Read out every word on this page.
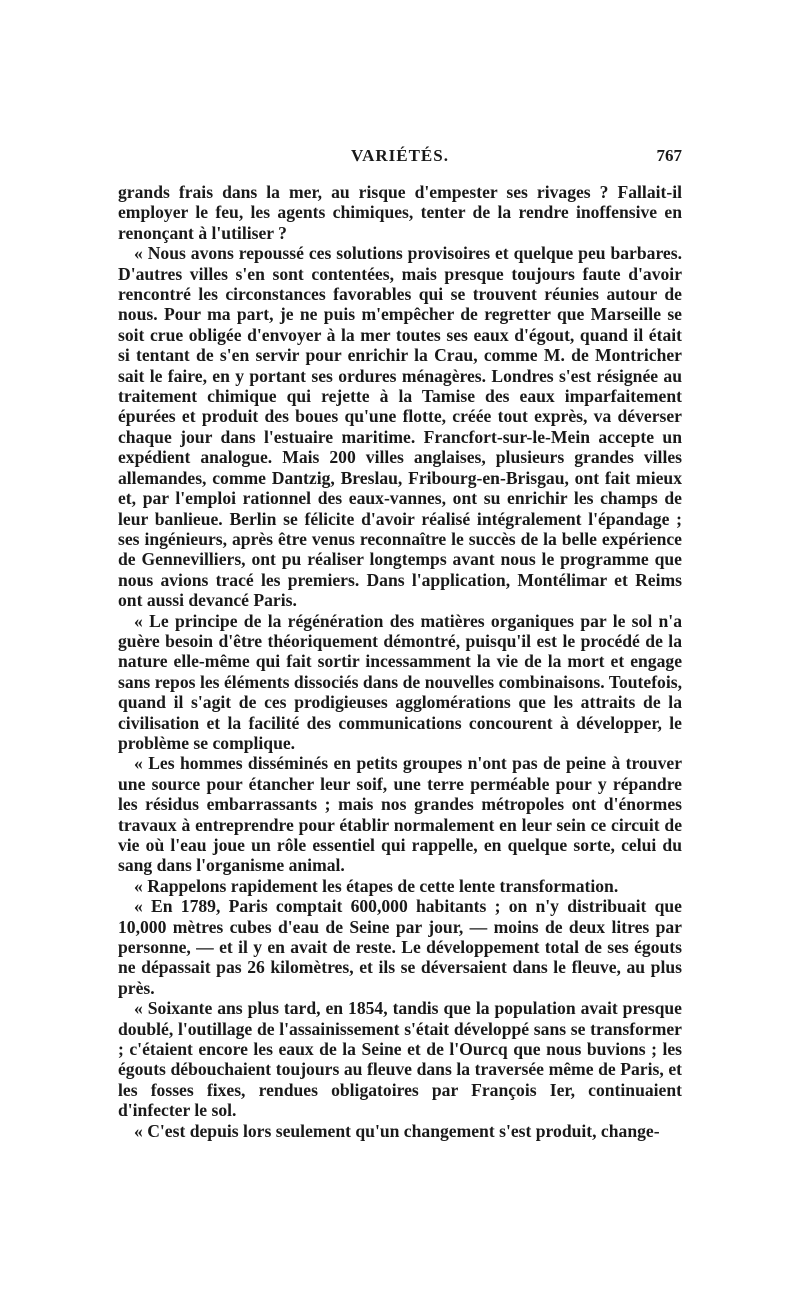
VARIÉTÉS.	767

grands frais dans la mer, au risque d'empester ses rivages ? Fallait-il employer le feu, les agents chimiques, tenter de la rendre inoffensive en renonçant à l'utiliser ?

« Nous avons repoussé ces solutions provisoires et quelque peu barbares. D'autres villes s'en sont contentées, mais presque toujours faute d'avoir rencontré les circonstances favorables qui se trouvent réunies autour de nous. Pour ma part, je ne puis m'empêcher de regretter que Marseille se soit crue obligée d'envoyer à la mer toutes ses eaux d'égout, quand il était si tentant de s'en servir pour enrichir la Crau, comme M. de Montricher sait le faire, en y portant ses ordures ménagères. Londres s'est résignée au traitement chimique qui rejette à la Tamise des eaux imparfaitement épurées et produit des boues qu'une flotte, créée tout exprès, va déverser chaque jour dans l'estuaire maritime. Francfort-sur-le-Mein accepte un expédient analogue. Mais 200 villes anglaises, plusieurs grandes villes allemandes, comme Dantzig, Breslau, Fribourg-en-Brisgau, ont fait mieux et, par l'emploi rationnel des eaux-vannes, ont su enrichir les champs de leur banlieue. Berlin se félicite d'avoir réalisé intégralement l'épandage ; ses ingénieurs, après être venus reconnaître le succès de la belle expérience de Gennevilliers, ont pu réaliser longtemps avant nous le programme que nous avions tracé les premiers. Dans l'application, Montélimar et Reims ont aussi devancé Paris.

« Le principe de la régénération des matières organiques par le sol n'a guère besoin d'être théoriquement démontré, puisqu'il est le procédé de la nature elle-même qui fait sortir incessamment la vie de la mort et engage sans repos les éléments dissociés dans de nouvelles combinaisons. Toutefois, quand il s'agit de ces prodigieuses agglomérations que les attraits de la civilisation et la facilité des communications concourent à développer, le problème se complique.

« Les hommes disséminés en petits groupes n'ont pas de peine à trouver une source pour étancher leur soif, une terre perméable pour y répandre les résidus embarrassants ; mais nos grandes métropoles ont d'énormes travaux à entreprendre pour établir normalement en leur sein ce circuit de vie où l'eau joue un rôle essentiel qui rappelle, en quelque sorte, celui du sang dans l'organisme animal.

« Rappelons rapidement les étapes de cette lente transformation.

« En 1789, Paris comptait 600,000 habitants ; on n'y distribuait que 10,000 mètres cubes d'eau de Seine par jour, — moins de deux litres par personne, — et il y en avait de reste. Le développement total de ses égouts ne dépassait pas 26 kilomètres, et ils se déversaient dans le fleuve, au plus près.

« Soixante ans plus tard, en 1854, tandis que la population avait presque doublé, l'outillage de l'assainissement s'était développé sans se transformer ; c'étaient encore les eaux de la Seine et de l'Ourcq que nous buvions ; les égouts débouchaient toujours au fleuve dans la traversée même de Paris, et les fosses fixes, rendues obligatoires par François Ier, continuaient d'infecter le sol.

« C'est depuis lors seulement qu'un changement s'est produit, change-
